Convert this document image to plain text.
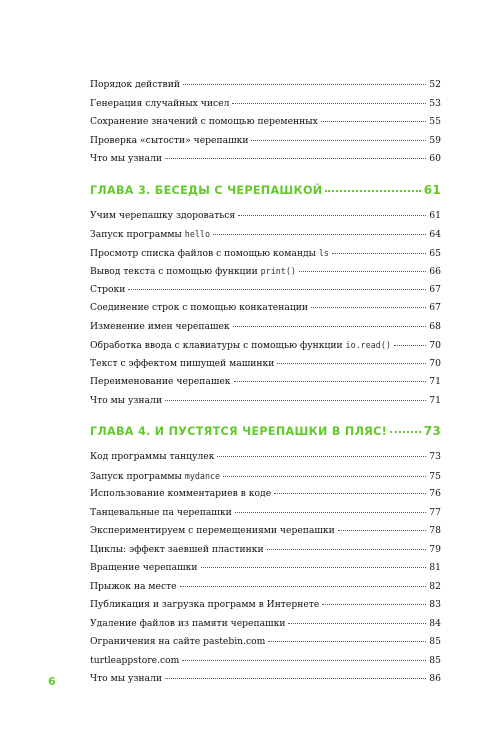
Порядок действий	52
Генерация случайных чисел	53
Сохранение значений с помощью переменных	55
Проверка «сытости» черепашки	59
Что мы узнали	60
ГЛАВА 3. БЕСЕДЫ С ЧЕРЕПАШКОЙ	61
Учим черепашку здороваться	61
Запуск программы hello	64
Просмотр списка файлов с помощью команды ls	65
Вывод текста с помощью функции print()	66
Строки	67
Соединение строк с помощью конкатенации	67
Изменение имен черепашек	68
Обработка ввода с клавиатуры с помощью функции io.read()	70
Текст с эффектом пишущей машинки	70
Переименование черепашек	71
Что мы узнали	71
ГЛАВА 4. И ПУСТЯТСЯ ЧЕРЕПАШКИ В ПЛЯС!	73
Код программы танцулек	73
Запуск программы mydance	75
Использование комментариев в коде	76
Танцевальные па черепашки	77
Экспериментируем с перемещениями черепашки	78
Циклы: эффект заевшей пластинки	79
Вращение черепашки	81
Прыжок на месте	82
Публикация и загрузка программ в Интернете	83
Удаление файлов из памяти черепашки	84
Ограничения на сайте pastebin.com	85
turtleappstore.com	85
Что мы узнали	86
6
